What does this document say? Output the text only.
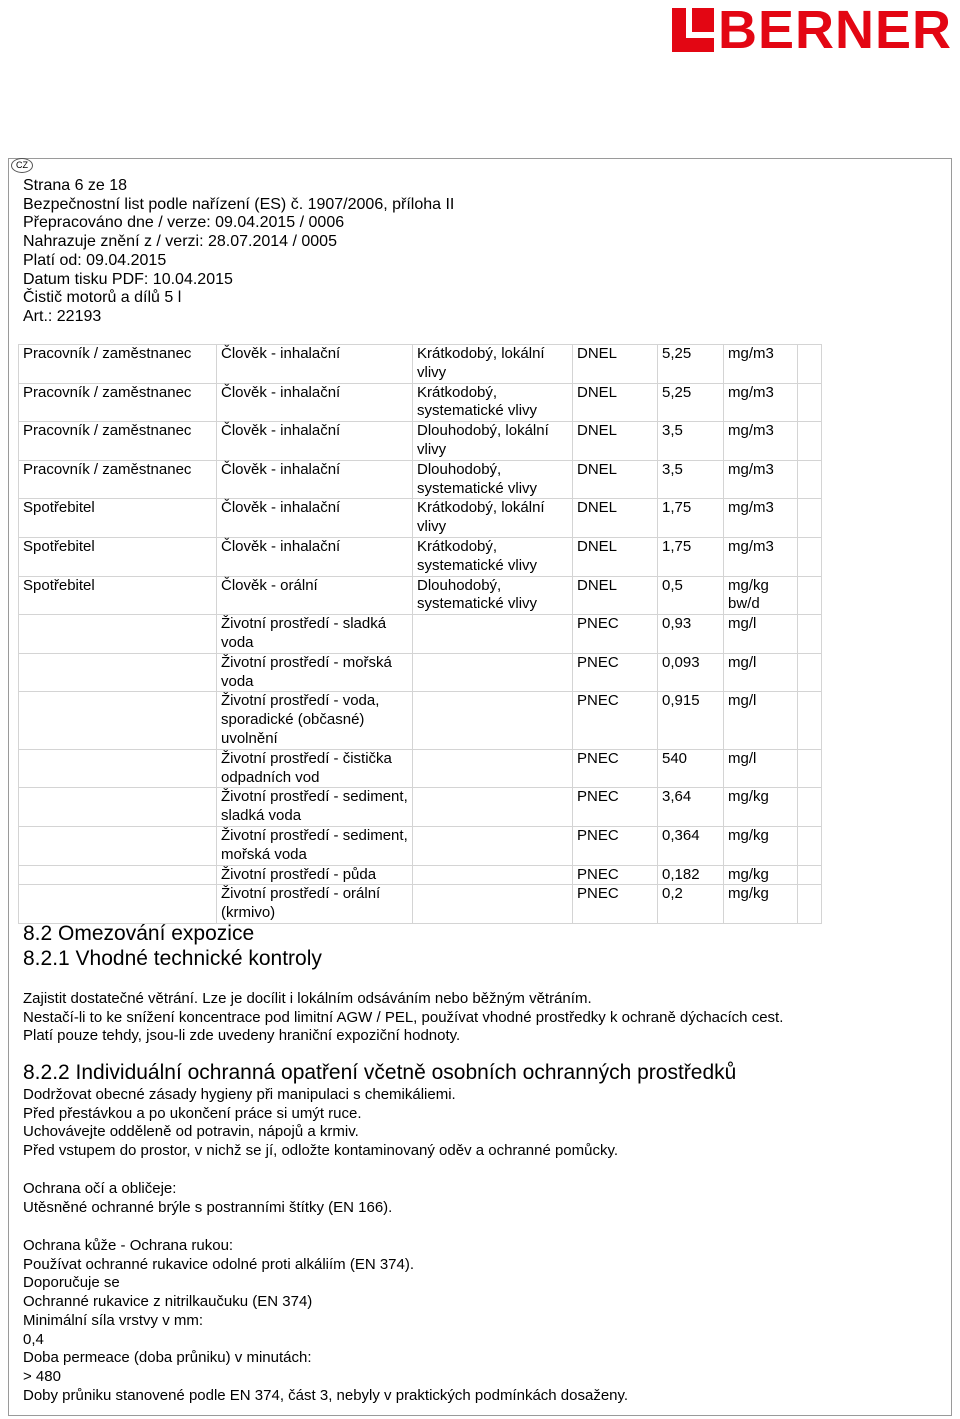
BERNER
CZ
Strana 6 ze 18
Bezpečnostní list podle nařízení (ES) č. 1907/2006, příloha II
Přepracováno dne / verze: 09.04.2015 / 0006
Nahrazuje znění z / verzi: 28.07.2014 / 0005
Platí od: 09.04.2015
Datum tisku PDF: 10.04.2015
Čistič motorů a dílů 5 l
Art.: 22193
Pracovník / zaměstnanec	Člověk - inhalační	Krátkodobý, lokální vlivy	DNEL	5,25	mg/m3	
Pracovník / zaměstnanec	Člověk - inhalační	Krátkodobý, systematické vlivy	DNEL	5,25	mg/m3	
Pracovník / zaměstnanec	Člověk - inhalační	Dlouhodobý, lokální vlivy	DNEL	3,5	mg/m3	
Pracovník / zaměstnanec	Člověk - inhalační	Dlouhodobý, systematické vlivy	DNEL	3,5	mg/m3	
Spotřebitel	Člověk - inhalační	Krátkodobý, lokální vlivy	DNEL	1,75	mg/m3	
Spotřebitel	Člověk - inhalační	Krátkodobý, systematické vlivy	DNEL	1,75	mg/m3	
Spotřebitel	Člověk - orální	Dlouhodobý, systematické vlivy	DNEL	0,5	mg/kg bw/d	
	Životní prostředí - sladká voda		PNEC	0,93	mg/l	
	Životní prostředí - mořská voda		PNEC	0,093	mg/l	
	Životní prostředí - voda, sporadické (občasné) uvolnění		PNEC	0,915	mg/l	
	Životní prostředí - čistička odpadních vod		PNEC	540	mg/l	
	Životní prostředí - sediment, sladká voda		PNEC	3,64	mg/kg	
	Životní prostředí - sediment, mořská voda		PNEC	0,364	mg/kg	
	Životní prostředí - půda		PNEC	0,182	mg/kg	
	Životní prostředí - orální (krmivo)		PNEC	0,2	mg/kg	
8.2 Omezování expozice
8.2.1 Vhodné technické kontroly
Zajistit dostatečné větrání. Lze je docílit i lokálním odsáváním nebo běžným větráním.
Nestačí-li to ke snížení koncentrace pod limitní AGW / PEL, používat vhodné prostředky k ochraně dýchacích cest.
Platí pouze tehdy, jsou-li zde uvedeny hraniční expoziční hodnoty.
8.2.2 Individuální ochranná opatření včetně osobních ochranných prostředků
Dodržovat obecné zásady hygieny při manipulaci s chemikáliemi.
Před přestávkou a po ukončení práce si umýt ruce.
Uchovávejte odděleně od potravin, nápojů a krmiv.
Před vstupem do prostor, v nichž se jí, odložte kontaminovaný oděv a ochranné pomůcky.
Ochrana očí a obličeje:
Utěsněné ochranné brýle s postranními štítky (EN 166).
Ochrana kůže - Ochrana rukou:
Používat ochranné rukavice odolné proti alkáliím (EN 374).
Doporučuje se
Ochranné rukavice z nitrilkaučuku (EN 374)
Minimální síla vrstvy v mm:
0,4
Doba permeace (doba průniku) v minutách:
> 480
Doby průniku stanovené podle EN 374, část 3, nebyly v praktických podmínkách dosaženy.
